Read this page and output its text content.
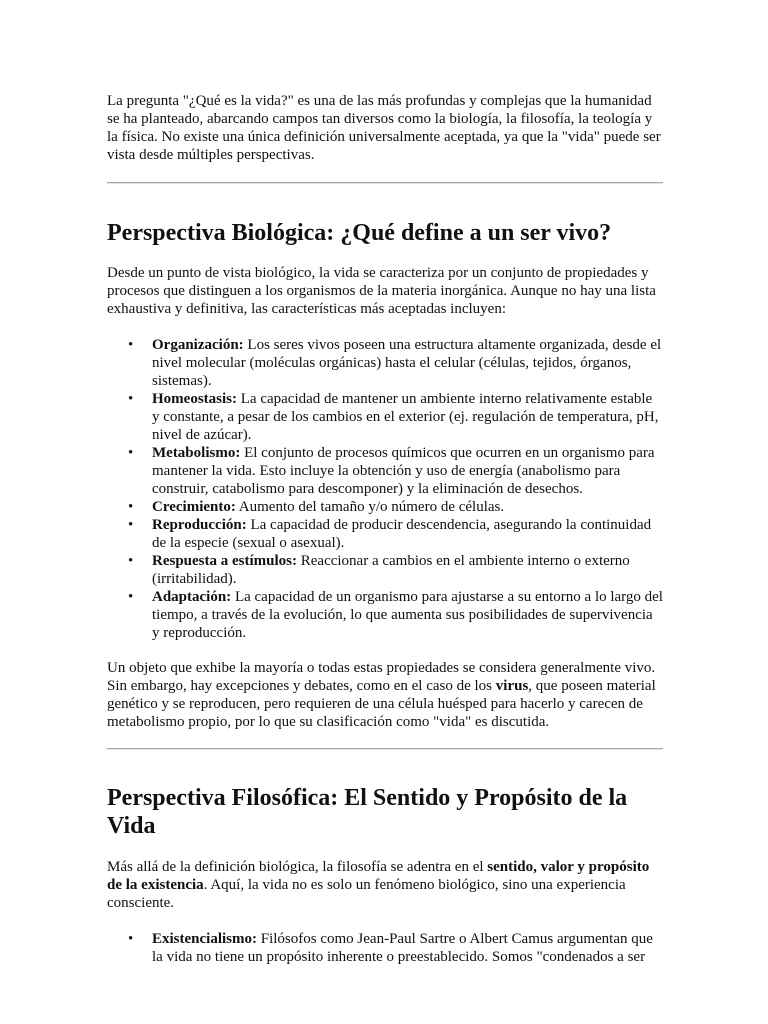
La pregunta "¿Qué es la vida?" es una de las más profundas y complejas que la humanidad se ha planteado, abarcando campos tan diversos como la biología, la filosofía, la teología y la física. No existe una única definición universalmente aceptada, ya que la "vida" puede ser vista desde múltiples perspectivas.

Perspectiva Biológica: ¿Qué define a un ser vivo?

Desde un punto de vista biológico, la vida se caracteriza por un conjunto de propiedades y procesos que distinguen a los organismos de la materia inorgánica. Aunque no hay una lista exhaustiva y definitiva, las características más aceptadas incluyen:

• Organización: Los seres vivos poseen una estructura altamente organizada, desde el nivel molecular (moléculas orgánicas) hasta el celular (células, tejidos, órganos, sistemas).
• Homeostasis: La capacidad de mantener un ambiente interno relativamente estable y constante, a pesar de los cambios en el exterior (ej. regulación de temperatura, pH, nivel de azúcar).
• Metabolismo: El conjunto de procesos químicos que ocurren en un organismo para mantener la vida. Esto incluye la obtención y uso de energía (anabolismo para construir, catabolismo para descomponer) y la eliminación de desechos.
• Crecimiento: Aumento del tamaño y/o número de células.
• Reproducción: La capacidad de producir descendencia, asegurando la continuidad de la especie (sexual o asexual).
• Respuesta a estímulos: Reaccionar a cambios en el ambiente interno o externo (irritabilidad).
• Adaptación: La capacidad de un organismo para ajustarse a su entorno a lo largo del tiempo, a través de la evolución, lo que aumenta sus posibilidades de supervivencia y reproducción.

Un objeto que exhibe la mayoría o todas estas propiedades se considera generalmente vivo. Sin embargo, hay excepciones y debates, como en el caso de los virus, que poseen material genético y se reproducen, pero requieren de una célula huésped para hacerlo y carecen de metabolismo propio, por lo que su clasificación como "vida" es discutida.

Perspectiva Filosófica: El Sentido y Propósito de la Vida

Más allá de la definición biológica, la filosofía se adentra en el sentido, valor y propósito de la existencia. Aquí, la vida no es solo un fenómeno biológico, sino una experiencia consciente.

• Existencialismo: Filósofos como Jean-Paul Sartre o Albert Camus argumentan que la vida no tiene un propósito inherente o preestablecido. Somos "condenados a ser
